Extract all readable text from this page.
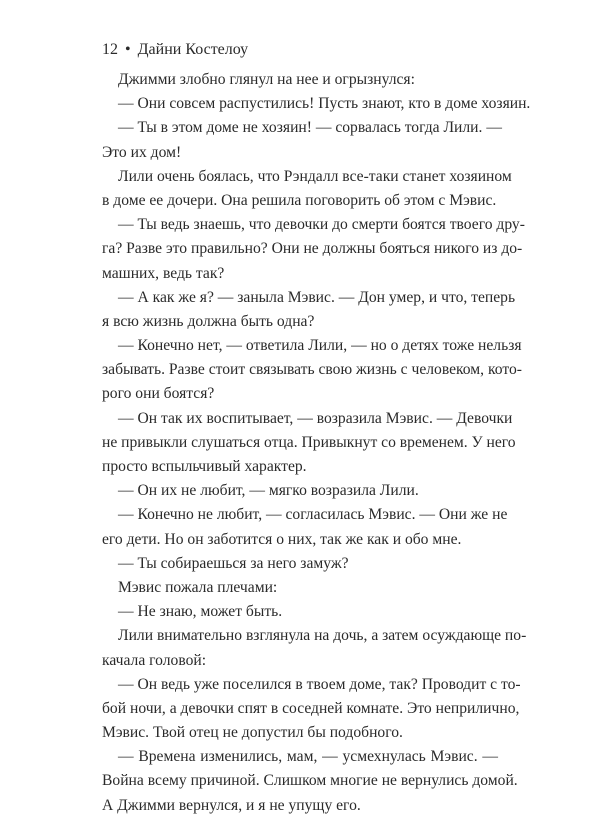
12 • Дайни Костелоу
Джимми злобно глянул на нее и огрызнулся:
— Они совсем распустились! Пусть знают, кто в доме хозяин.
— Ты в этом доме не хозяин! — сорвалась тогда Лили. —
Это их дом!
Лили очень боялась, что Рэндалл все-таки станет хозяином
в доме ее дочери. Она решила поговорить об этом с Мэвис.
— Ты ведь знаешь, что девочки до смерти боятся твоего дру-
га? Разве это правильно? Они не должны бояться никого из до-
машних, ведь так?
— А как же я? — заныла Мэвис. — Дон умер, и что, теперь
я всю жизнь должна быть одна?
— Конечно нет, — ответила Лили, — но о детях тоже нельзя
забывать. Разве стоит связывать свою жизнь с человеком, кото-
рого они боятся?
— Он так их воспитывает, — возразила Мэвис. — Девочки
не привыкли слушаться отца. Привыкнут со временем. У него
просто вспыльчивый характер.
— Он их не любит, — мягко возразила Лили.
— Конечно не любит, — согласилась Мэвис. — Они же не
его дети. Но он заботится о них, так же как и обо мне.
— Ты собираешься за него замуж?
Мэвис пожала плечами:
— Не знаю, может быть.
Лили внимательно взглянула на дочь, а затем осуждающе по-
качала головой:
— Он ведь уже поселился в твоем доме, так? Проводит с то-
бой ночи, а девочки спят в соседней комнате. Это неприлично,
Мэвис. Твой отец не допустил бы подобного.
— Времена изменились, мам, — усмехнулась Мэвис. —
Война всему причиной. Слишком многие не вернулись домой.
А Джимми вернулся, и я не упущу его.
